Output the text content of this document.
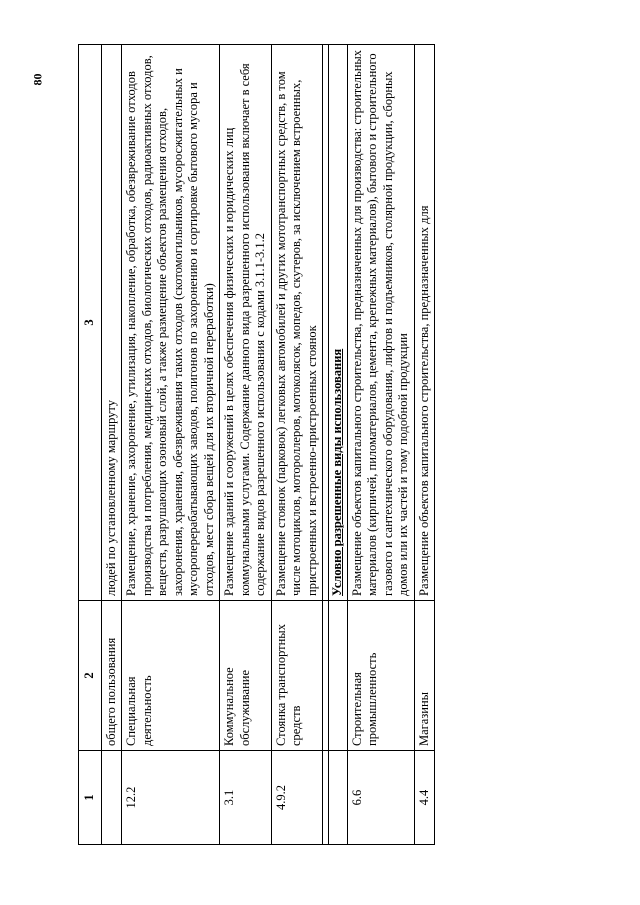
80
1	2	3
	общего пользования	людей по установленному маршруту
12.2	Специальная деятельность	Размещение, хранение, захоронение, утилизация, накопление, обработка, обезвреживание отходов производства и потребления, медицинских отходов, биологических отходов, радиоактивных отходов, веществ, разрушающих озоновый слой, а также размещение объектов размещения отходов, захоронения, хранения, обезвреживания таких отходов (скотомогильников, мусоросжигательных и мусороперерабатывающих заводов, полигонов по захоронению и сортировке бытового мусора и отходов, мест сбора вещей для их вторичной переработки)
3.1	Коммунальное обслуживание	Размещение зданий и сооружений в целях обеспечения физических и юридических лиц коммунальными услугами. Содержание данного вида разрешенного использования включает в себя содержание видов разрешенного использования с кодами 3.1.1-3.1.2
4.9.2	Стоянка транспортных средств	Размещение стоянок (парковок) легковых автомобилей и других мототранспортных средств, в том числе мотоциклов, мотороллеров, мотоколясок, мопедов, скутеров, за исключением встроенных, пристроенных и встроенно-пристроенных стоянок

		Условно разрешенные виды использования
6.6	Строительная промышленность	Размещение объектов капитального строительства, предназначенных для производства: строительных материалов (кирпичей, пиломатериалов, цемента, крепежных материалов), бытового и строительного газового и сантехнического оборудования, лифтов и подъемников, столярной продукции, сборных домов или их частей и тому подобной продукции
4.4	Магазины	Размещение объектов капитального строительства, предназначенных для
